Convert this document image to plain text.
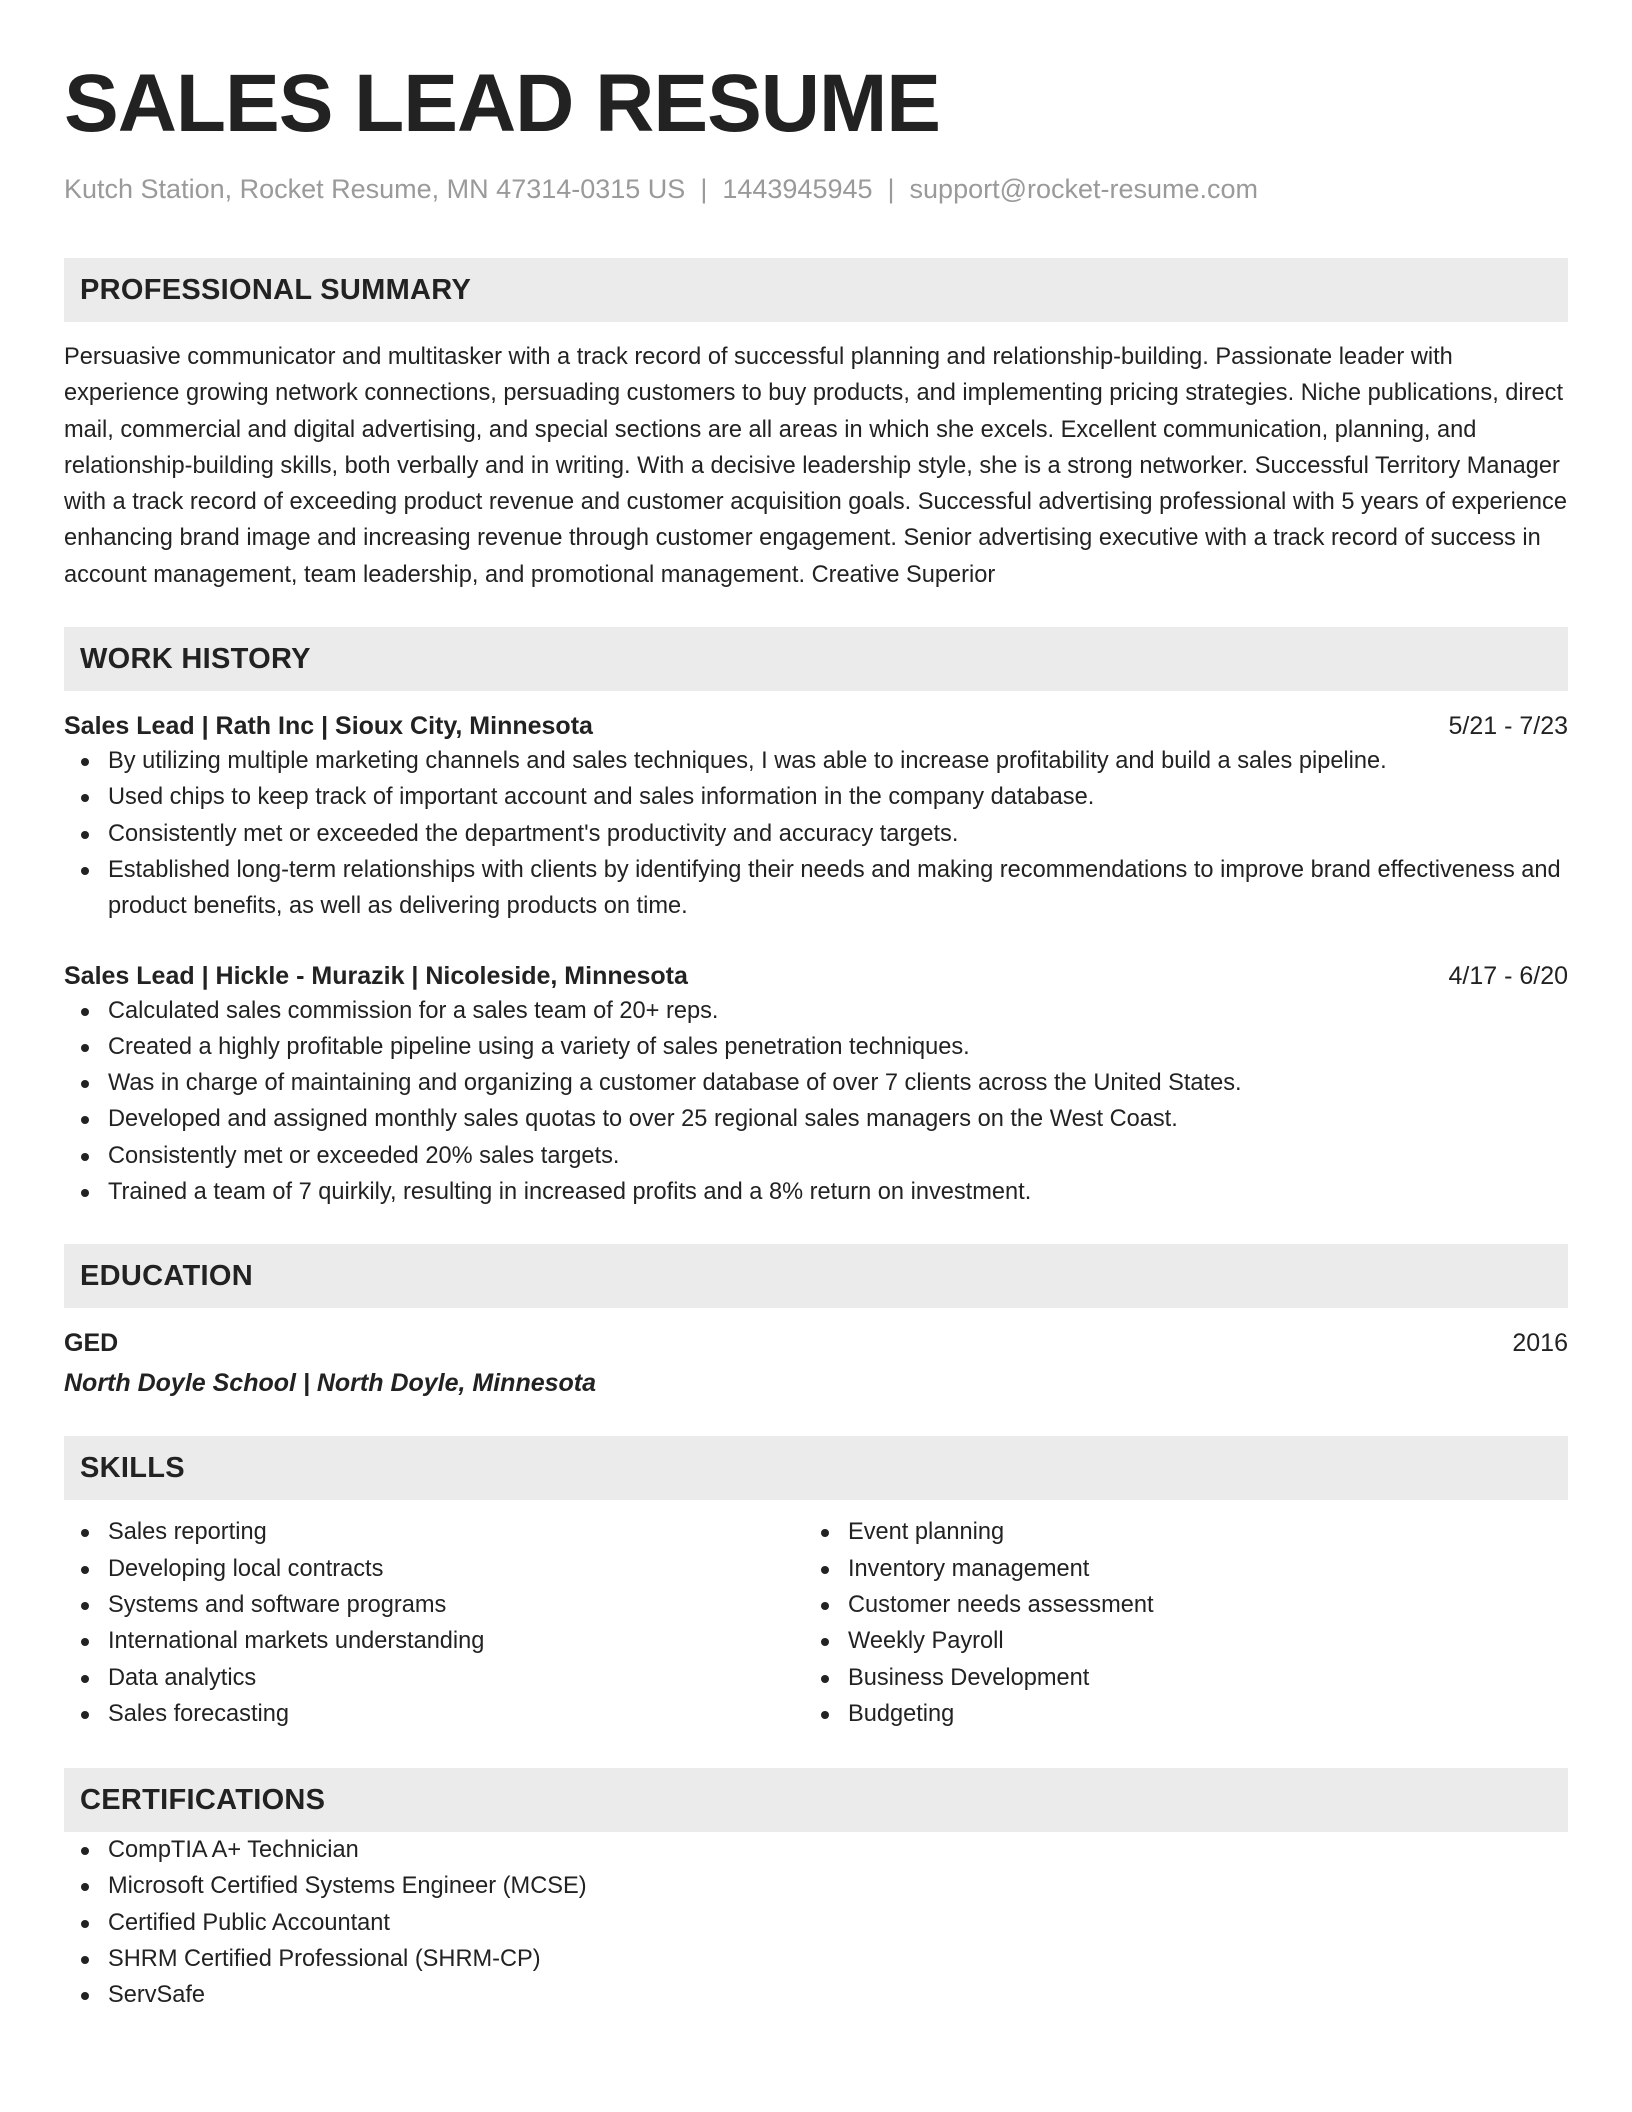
SALES LEAD RESUME
Kutch Station, Rocket Resume, MN 47314-0315 US | 1443945945 | support@rocket-resume.com
PROFESSIONAL SUMMARY
Persuasive communicator and multitasker with a track record of successful planning and relationship-building. Passionate leader with experience growing network connections, persuading customers to buy products, and implementing pricing strategies. Niche publications, direct mail, commercial and digital advertising, and special sections are all areas in which she excels. Excellent communication, planning, and relationship-building skills, both verbally and in writing. With a decisive leadership style, she is a strong networker. Successful Territory Manager with a track record of exceeding product revenue and customer acquisition goals. Successful advertising professional with 5 years of experience enhancing brand image and increasing revenue through customer engagement. Senior advertising executive with a track record of success in account management, team leadership, and promotional management. Creative Superior
WORK HISTORY
Sales Lead | Rath Inc | Sioux City, Minnesota	5/21 - 7/23
By utilizing multiple marketing channels and sales techniques, I was able to increase profitability and build a sales pipeline.
Used chips to keep track of important account and sales information in the company database.
Consistently met or exceeded the department's productivity and accuracy targets.
Established long-term relationships with clients by identifying their needs and making recommendations to improve brand effectiveness and product benefits, as well as delivering products on time.
Sales Lead | Hickle - Murazik | Nicoleside, Minnesota	4/17 - 6/20
Calculated sales commission for a sales team of 20+ reps.
Created a highly profitable pipeline using a variety of sales penetration techniques.
Was in charge of maintaining and organizing a customer database of over 7 clients across the United States.
Developed and assigned monthly sales quotas to over 25 regional sales managers on the West Coast.
Consistently met or exceeded 20% sales targets.
Trained a team of 7 quirkily, resulting in increased profits and a 8% return on investment.
EDUCATION
GED	2016
North Doyle School | North Doyle, Minnesota
SKILLS
Sales reporting
Developing local contracts
Systems and software programs
International markets understanding
Data analytics
Sales forecasting
Event planning
Inventory management
Customer needs assessment
Weekly Payroll
Business Development
Budgeting
CERTIFICATIONS
CompTIA A+ Technician
Microsoft Certified Systems Engineer (MCSE)
Certified Public Accountant
SHRM Certified Professional (SHRM-CP)
ServSafe
